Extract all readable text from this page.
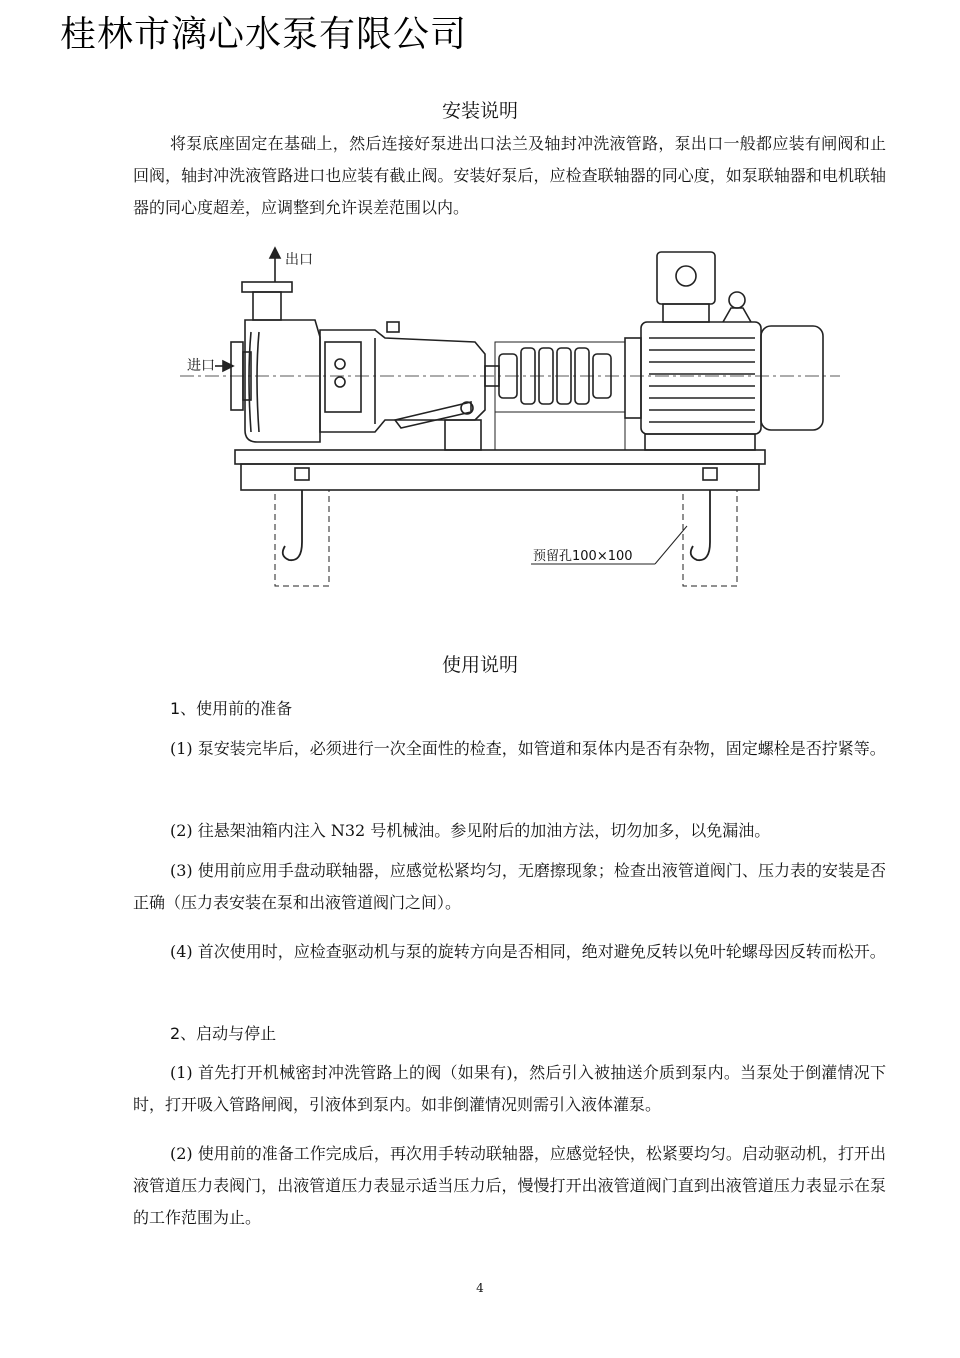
桂林市漓心水泵有限公司
安装说明

将泵底座固定在基础上，然后连接好泵进出口法兰及轴封冲洗液管路，泵出口一般都应装有闸阀和止回阀，轴封冲洗液管路进口也应装有截止阀。安装好泵后，应检查联轴器的同心度，如泵联轴器和电机联轴器的同心度超差，应调整到允许误差范围以内。

出口
进口
预留孔100×100
使用说明
1、使用前的准备

(1) 泵安装完毕后，必须进行一次全面性的检查，如管道和泵体内是否有杂物，固定螺栓是否拧紧等。

(2) 往悬架油箱内注入 N32 号机械油。参见附后的加油方法，切勿加多，以免漏油。

(3) 使用前应用手盘动联轴器，应感觉松紧均匀，无磨擦现象；检查出液管道阀门、压力表的安装是否正确（压力表安装在泵和出液管道阀门之间）。

(4) 首次使用时，应检查驱动机与泵的旋转方向是否相同，绝对避免反转以免叶轮螺母因反转而松开。

2、启动与停止

(1) 首先打开机械密封冲洗管路上的阀（如果有)，然后引入被抽送介质到泵内。当泵处于倒灌情况下时，打开吸入管路闸阀，引液体到泵内。如非倒灌情况则需引入液体灌泵。

(2) 使用前的准备工作完成后，再次用手转动联轴器，应感觉轻快，松紧要均匀。启动驱动机，打开出液管道压力表阀门，出液管道压力表显示适当压力后，慢慢打开出液管道阀门直到出液管道压力表显示在泵的工作范围为止。

4
